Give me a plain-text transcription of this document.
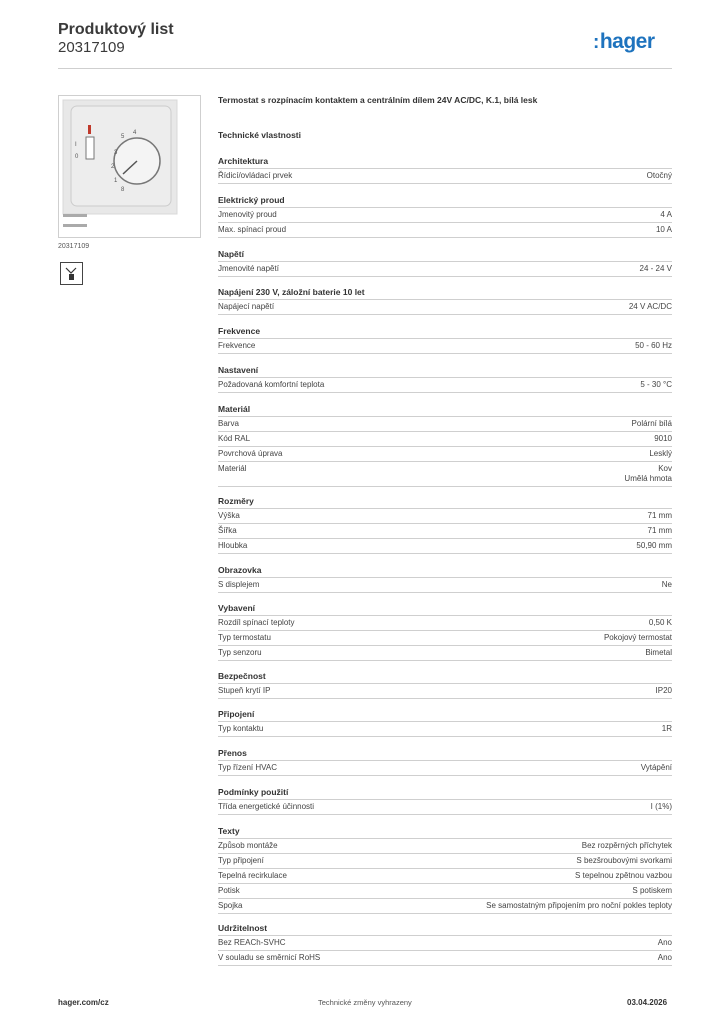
Produktový list
20317109	:hager
I
0
5
4
3
2
1
8
20317109
Termostat s rozpínacím kontaktem a centrálním dílem 24V AC/DC, K.1, bílá lesk
Technické vlastnosti
Architektura
Řídicí/ovládací prvek	Otočný
Elektrický proud
Jmenovitý proud	4 A
Max. spínací proud	10 A
Napětí
Jmenovité napětí	24 - 24 V
Napájení 230 V, záložní baterie 10 let
Napájecí napětí	24 V AC/DC
Frekvence
Frekvence	50 - 60 Hz
Nastavení
Požadovaná komfortní teplota	5 - 30 °C
Materiál
Barva	Polární bílá
Kód RAL	9010
Povrchová úprava	Lesklý
Materiál	Kov
Umělá hmota
Rozměry
Výška	71 mm
Šířka	71 mm
Hloubka	50,90 mm
Obrazovka
S displejem	Ne
Vybavení
Rozdíl spínací teploty	0,50 K
Typ termostatu	Pokojový termostat
Typ senzoru	Bimetal
Bezpečnost
Stupeň krytí IP	IP20
Připojení
Typ kontaktu	1R
Přenos
Typ řízení HVAC	Vytápění
Podmínky použití
Třída energetické účinnosti	I (1%)
Texty
Způsob montáže	Bez rozpěrných příchytek
Typ připojení	S bezšroubovými svorkami
Tepelná recirkulace	S tepelnou zpětnou vazbou
Potisk	S potiskem
Spojka	Se samostatným připojením pro noční pokles teploty
Udržitelnost
Bez REACh-SVHC	Ano
V souladu se směrnicí RoHS	Ano
hager.com/cz	Technické změny vyhrazeny	03.04.2026
